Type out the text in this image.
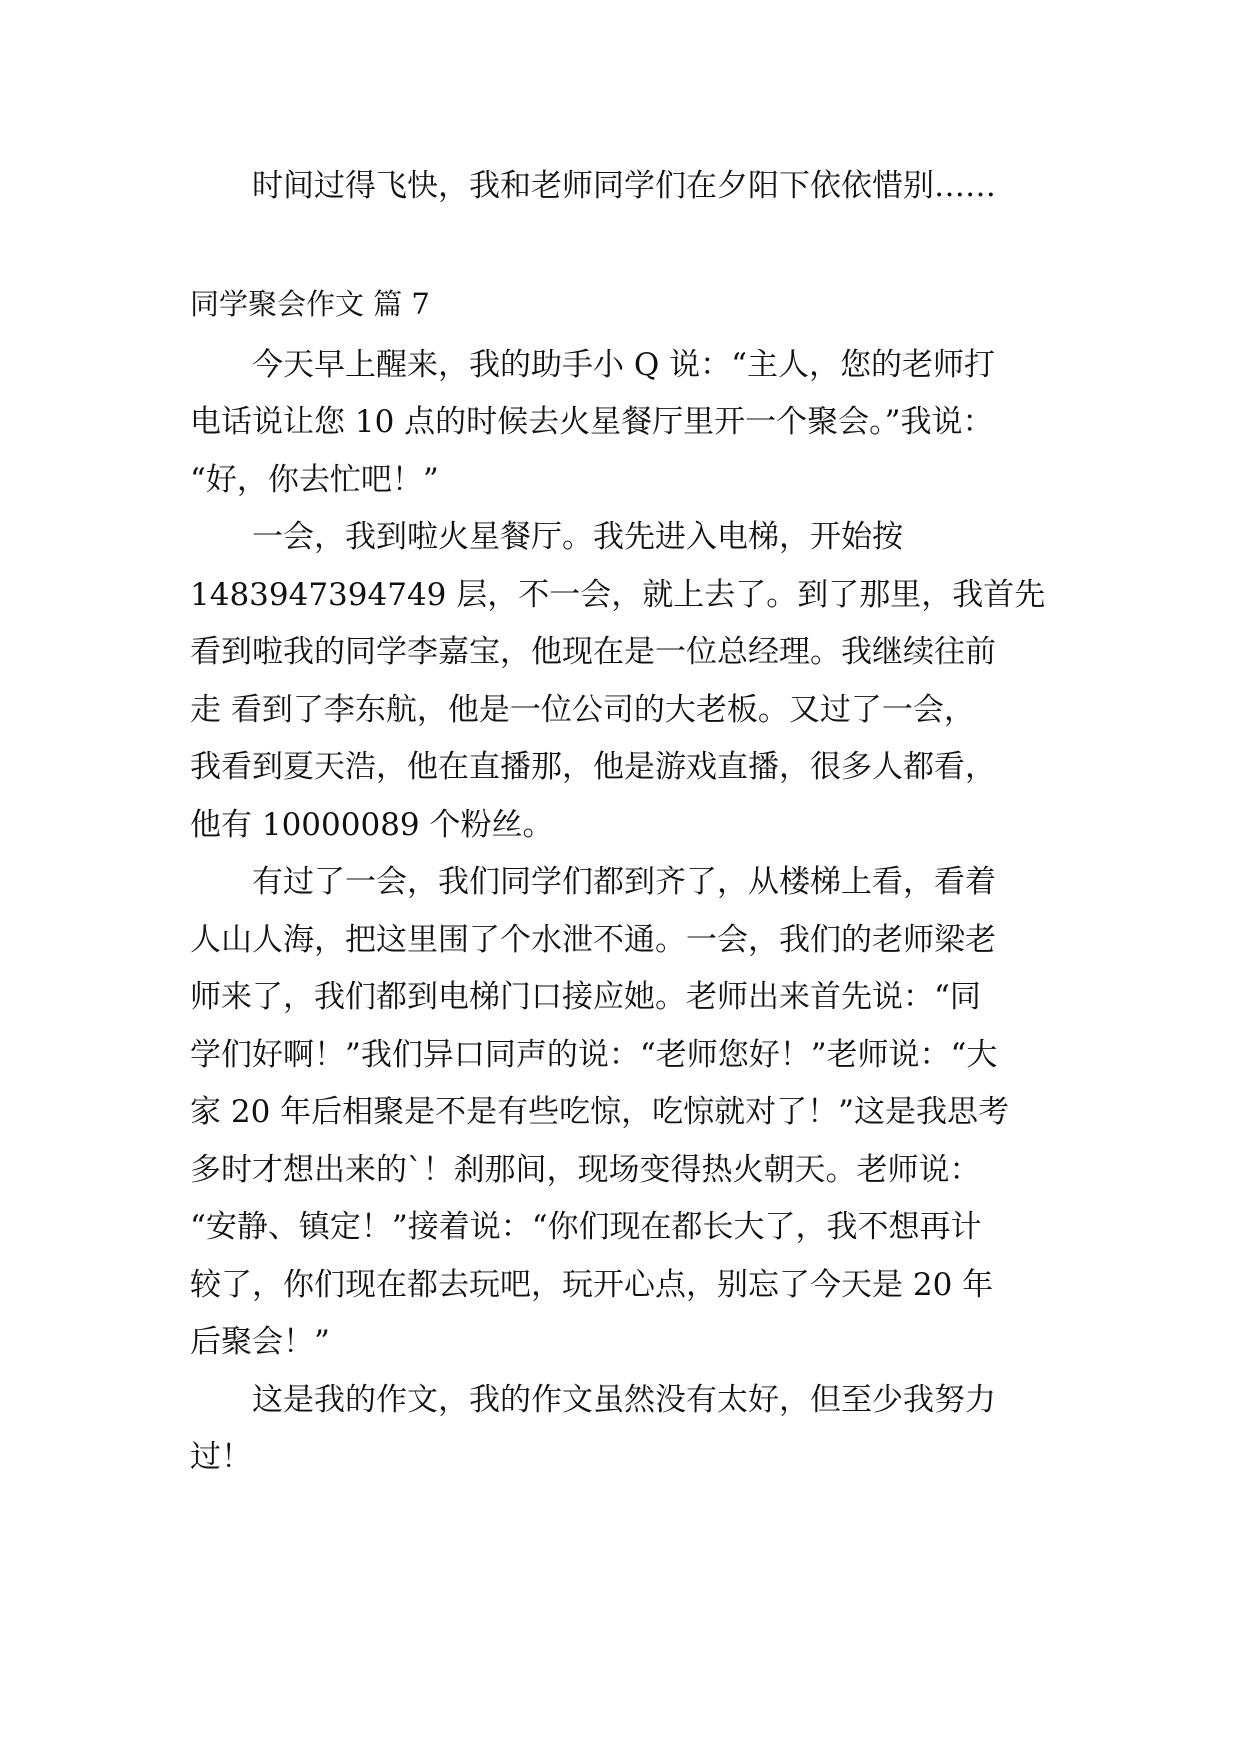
时间过得飞快，我和老师同学们在夕阳下依依惜别……
同学聚会作文 篇 7
今天早上醒来，我的助手小 Q 说：“主人，您的老师打
电话说让您 10 点的时候去火星餐厅里开一个聚会。”我说：
“好，你去忙吧！”
一会，我到啦火星餐厅。我先进入电梯，开始按
1483947394749 层，不一会，就上去了。到了那里，我首先
看到啦我的同学李嘉宝，他现在是一位总经理。我继续往前
走 看到了李东航，他是一位公司的大老板。又过了一会，
我看到夏天浩，他在直播那，他是游戏直播，很多人都看，
他有 10000089 个粉丝。
有过了一会，我们同学们都到齐了，从楼梯上看，看着
人山人海，把这里围了个水泄不通。一会，我们的老师梁老
师来了，我们都到电梯门口接应她。老师出来首先说：“同
学们好啊！”我们异口同声的说：“老师您好！”老师说：“大
家 20 年后相聚是不是有些吃惊，吃惊就对了！”这是我思考
多时才想出来的`！刹那间，现场变得热火朝天。老师说：
“安静、镇定！”接着说：“你们现在都长大了，我不想再计
较了，你们现在都去玩吧，玩开心点，别忘了今天是 20 年
后聚会！”
这是我的作文，我的作文虽然没有太好，但至少我努力
过！
